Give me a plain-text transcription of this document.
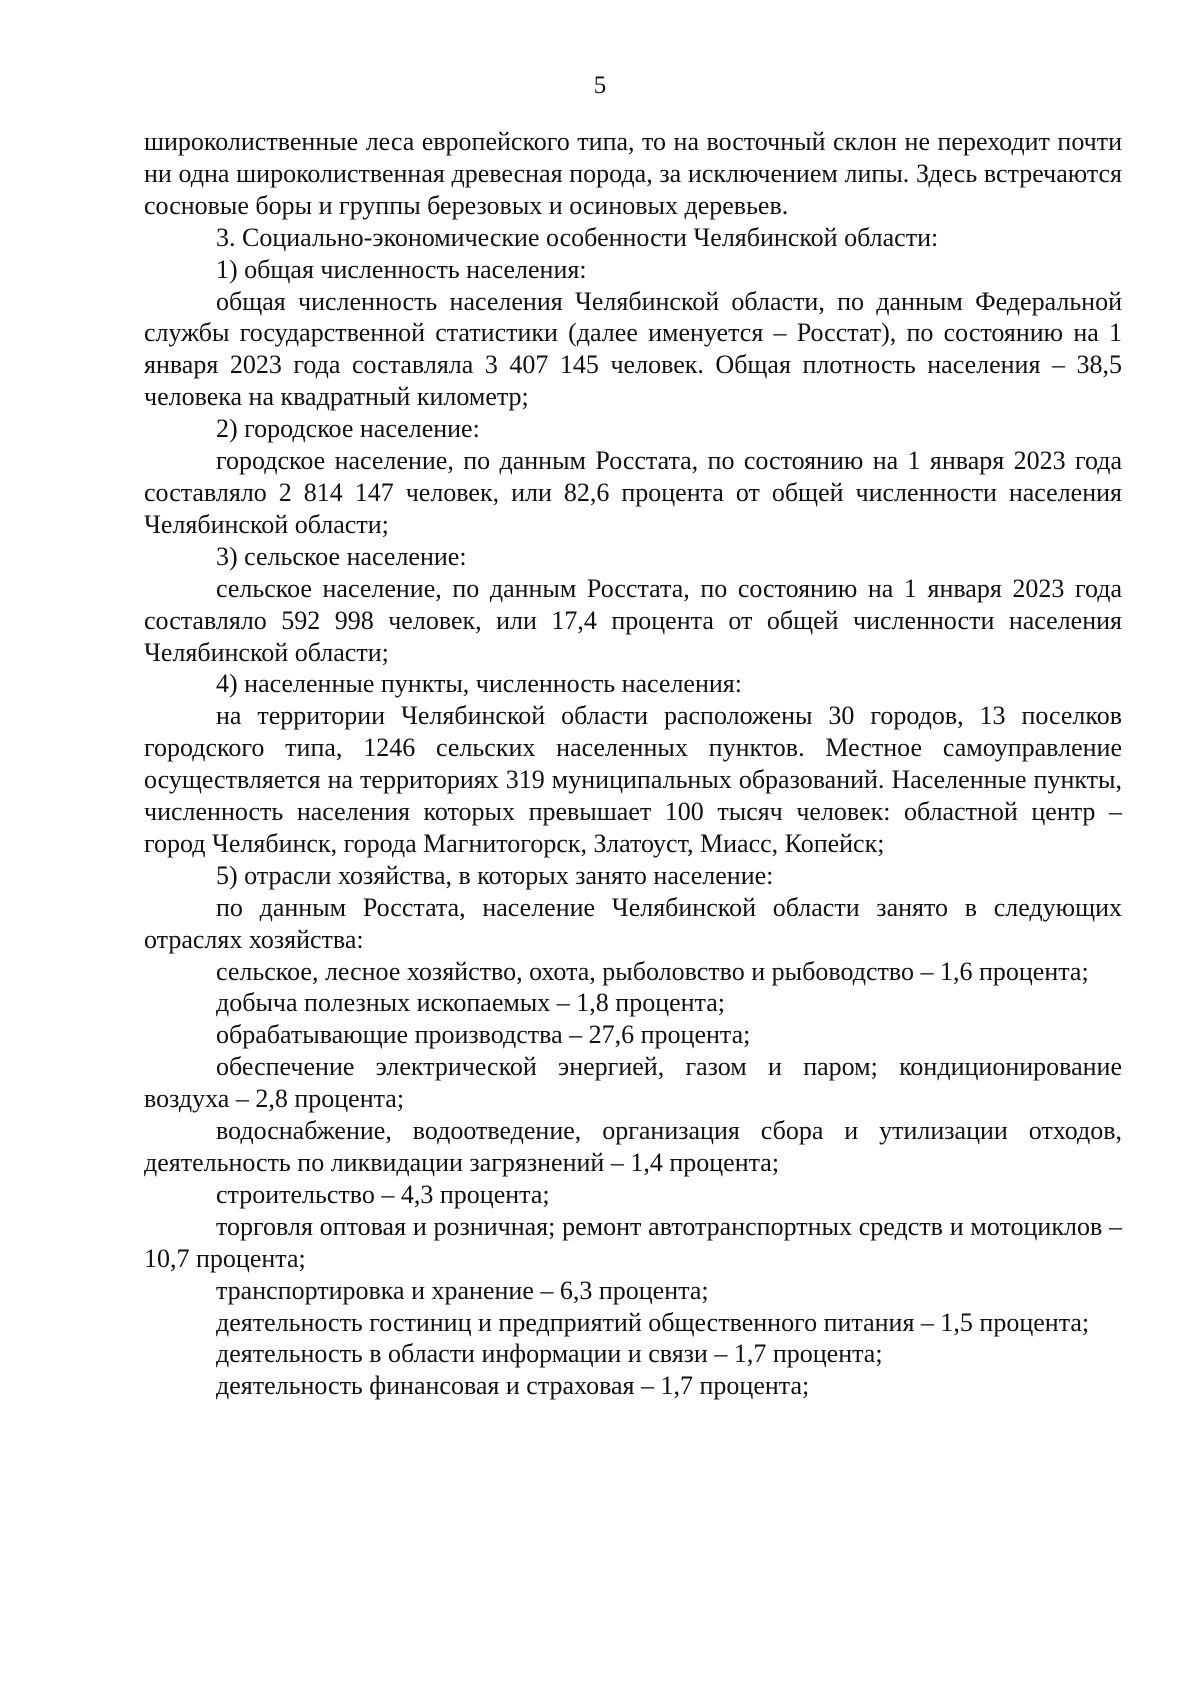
5

широколиственные леса европейского типа, то на восточный склон не переходит почти ни одна широколиственная древесная порода, за исключением липы. Здесь встречаются сосновые боры и группы березовых и осиновых деревьев.

3. Социально-экономические особенности Челябинской области:

1) общая численность населения:

общая численность населения Челябинской области, по данным Федеральной службы государственной статистики (далее именуется – Росстат), по состоянию на 1 января 2023 года составляла 3 407 145 человек. Общая плотность населения – 38,5 человека на квадратный километр;

2) городское население:

городское население, по данным Росстата, по состоянию на 1 января 2023 года составляло 2 814 147 человек, или 82,6 процента от общей численности населения Челябинской области;

3) сельское население:

сельское население, по данным Росстата, по состоянию на 1 января 2023 года составляло 592 998 человек, или 17,4 процента от общей численности населения Челябинской области;

4) населенные пункты, численность населения:

на территории Челябинской области расположены 30 городов, 13 поселков городского типа, 1246 сельских населенных пунктов. Местное самоуправление осуществляется на территориях 319 муниципальных образований. Населенные пункты, численность населения которых превышает 100 тысяч человек: областной центр – город Челябинск, города Магнитогорск, Златоуст, Миасс, Копейск;

5) отрасли хозяйства, в которых занято население:

по данным Росстата, население Челябинской области занято в следующих отраслях хозяйства:

сельское, лесное хозяйство, охота, рыболовство и рыбоводство – 1,6 процента;

добыча полезных ископаемых – 1,8 процента;

обрабатывающие производства – 27,6 процента;

обеспечение электрической энергией, газом и паром; кондиционирование воздуха – 2,8 процента;

водоснабжение, водоотведение, организация сбора и утилизации отходов, деятельность по ликвидации загрязнений – 1,4 процента;

строительство – 4,3 процента;

торговля оптовая и розничная; ремонт автотранспортных средств и мотоциклов – 10,7 процента;

транспортировка и хранение – 6,3 процента;

деятельность гостиниц и предприятий общественного питания – 1,5 процента;

деятельность в области информации и связи – 1,7 процента;

деятельность финансовая и страховая – 1,7 процента;
